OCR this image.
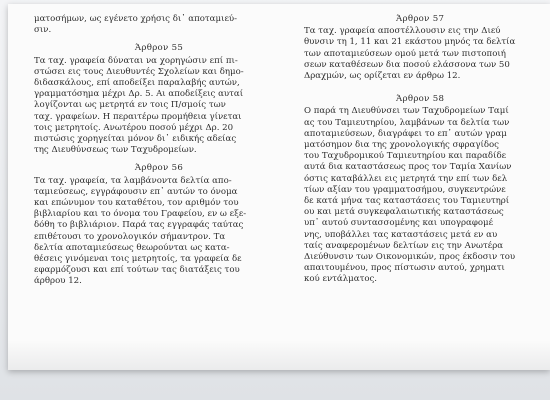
ματοσήμων, ως εγένετο χρήσις δι᾽ αποταμιεύ-
σιν.
Άρθρον 55
Τα ταχ. γραφεία δύναται να χορηγώσιν επί πι-
στώσει εις τους Διευθυντές Σχολείων και δημο-
διδασκάλους, επί αποδείξει παραλαβής αυτών,
γραμματόσημα μέχρι Δρ. 5. Αι αποδείξεις αυταί
λογίζονται ως μετρητά εν τοις Π/σμοίς των
ταχ. γραφείων. Η περαιτέρω προμήθεια γίνεται
τοις μετρητοίς. Ανωτέρου ποσού μέχρι Δρ. 20
πιστώσις χορηγείται μόνον δι᾽ ειδικής αδείας
της Διευθύνσεως των Ταχυδρομείων.
Άρθρον 56
Τα ταχ. γραφεία, τα λαμβάνοντα δελτία απο-
ταμιεύσεως, εγγράφουσιν επ᾽ αυτών το όνομα
και επώνυμον του καταθέτου, τον αριθμόν του
βιβλιαρίου και το όνομα του Γραφείου, εν ω εξε-
δόθη το βιβλιάριον. Παρά τας εγγραφάς ταύτας
επιθέτουσι το χρονολογικόν σήμαντρον. Τα
δελτία αποταμιεύσεως θεωρούνται ως κατα-
θέσεις γινόμεναι τοις μετρητοίς, τα γραφεία δε
εφαρμόζουσι και επί τούτων τας διατάξεις του
άρθρου 12.
Άρθρον 57
Τα ταχ. γραφεία αποστέλλουσιν εις την Διεύ
θυνσιν τη 1, 11 και 21 εκάστου μηνός τα δελτία
των αποταμιεύσεων ομού μετά των πιστοποιή
σεων καταθέσεων δια ποσού ελάσσονα των 50
Δραχμών, ως ορίζεται εν άρθρω 12.
Άρθρον 58
Ο παρά τη Διευθύνσει των Ταχυδρομείων Ταμί
ας του Ταμιευτηρίου, λαμβάνων τα δελτία των
αποταμιεύσεων, διαγράφει το επ᾽ αυτών γραμ
ματόσημον δια της χρονολογικής σφραγίδος
του Ταχυδρομικού Ταμιευτηρίου και παραδίδε
αυτά δια καταστάσεως προς τον Ταμία Χανίων
όστις καταβάλλει εις μετρητά την επί των δελ
τίων αξίαν του γραμματοσήμου, συγκεντρώνε
δε κατά μήνα τας καταστάσεις του Ταμιευτηρί
ου και μετά συγκεφαλαιωτικής καταστάσεως
υπ᾽ αυτού συντασσομένης και υπογραφομέ
νης, υποβάλλει τας καταστάσεις μετά εν αυ
ταίς αναφερομένων δελτίων εις την Ανωτέρα
Διεύθυνσιν των Οικονομικών, προς έκδοσιν του
απαιτουμένου, προς πίστωσιν αυτού, χρηματι
κού εντάλματος.
